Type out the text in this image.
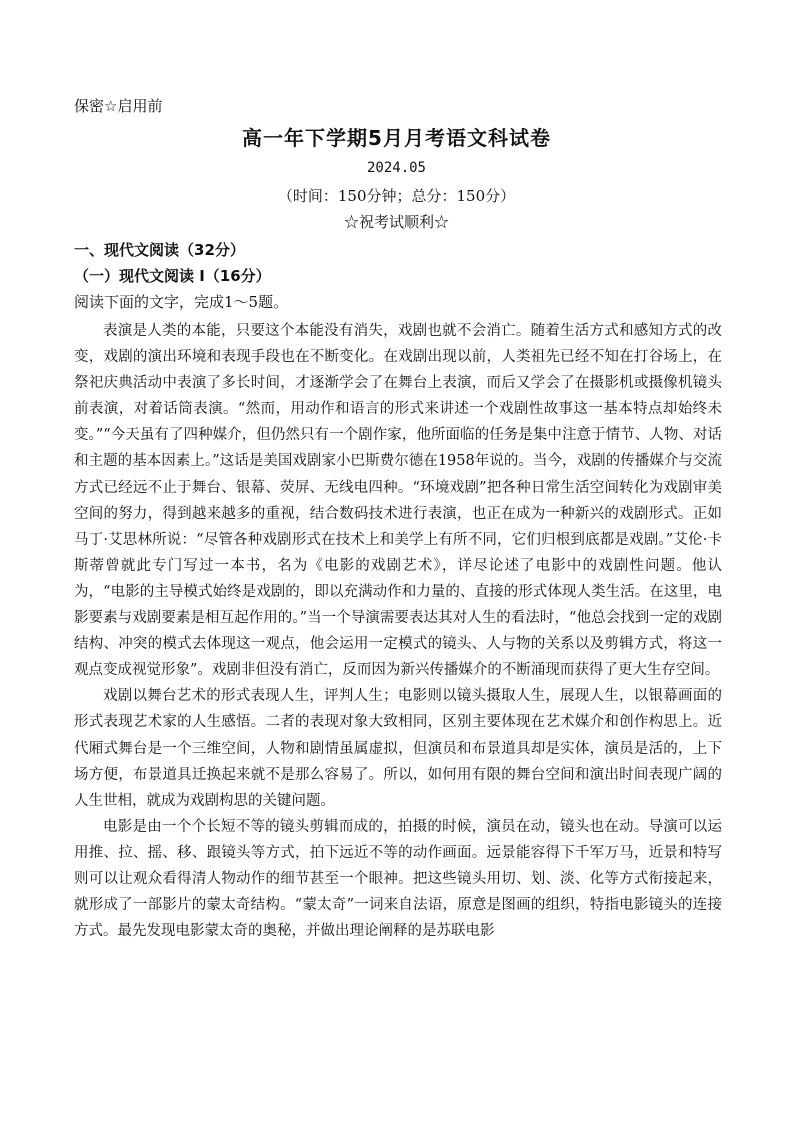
保密☆启用前
高一年下学期5月月考语文科试卷
2024.05
（时间：150分钟；总分：150分）
☆祝考试顺利☆
一、现代文阅读（32分）
（一）现代文阅读 I（16分）
阅读下面的文字，完成1～5题。

表演是人类的本能，只要这个本能没有消失，戏剧也就不会消亡。随着生活方式和感知方式的改变，戏剧的演出环境和表现手段也在不断变化。在戏剧出现以前，人类祖先已经不知在打谷场上，在祭祀庆典活动中表演了多长时间，才逐渐学会了在舞台上表演，而后又学会了在摄影机或摄像机镜头前表演，对着话筒表演。“然而，用动作和语言的形式来讲述一个戏剧性故事这一基本特点却始终未变。”“今天虽有了四种媒介，但仍然只有一个剧作家，他所面临的任务是集中注意于情节、人物、对话和主题的基本因素上。”这话是美国戏剧家小巴斯费尔德在1958年说的。当今，戏剧的传播媒介与交流方式已经远不止于舞台、银幕、荧屏、无线电四种。“环境戏剧”把各种日常生活空间转化为戏剧审美空间的努力，得到越来越多的重视，结合数码技术进行表演，也正在成为一种新兴的戏剧形式。正如马丁·艾思林所说：“尽管各种戏剧形式在技术上和美学上有所不同，它们归根到底都是戏剧。”艾伦·卡斯蒂曾就此专门写过一本书，名为《电影的戏剧艺术》，详尽论述了电影中的戏剧性问题。他认为，“电影的主导模式始终是戏剧的，即以充满动作和力量的、直接的形式体现人类生活。在这里，电影要素与戏剧要素是相互起作用的。”当一个导演需要表达其对人生的看法时，“他总会找到一定的戏剧结构、冲突的模式去体现这一观点，他会运用一定模式的镜头、人与物的关系以及剪辑方式，将这一观点变成视觉形象”。戏剧非但没有消亡，反而因为新兴传播媒介的不断涌现而获得了更大生存空间。

戏剧以舞台艺术的形式表现人生，评判人生；电影则以镜头摄取人生，展现人生，以银幕画面的形式表现艺术家的人生感悟。二者的表现对象大致相同，区别主要体现在艺术媒介和创作构思上。近代厢式舞台是一个三维空间，人物和剧情虽属虚拟，但演员和布景道具却是实体，演员是活的，上下场方便，布景道具迁换起来就不是那么容易了。所以，如何用有限的舞台空间和演出时间表现广阔的人生世相，就成为戏剧构思的关键问题。

电影是由一个个长短不等的镜头剪辑而成的，拍摄的时候，演员在动，镜头也在动。导演可以运用推、拉、摇、移、跟镜头等方式，拍下远近不等的动作画面。远景能容得下千军万马，近景和特写则可以让观众看得清人物动作的细节甚至一个眼神。把这些镜头用切、划、淡、化等方式衔接起来，就形成了一部影片的蒙太奇结构。“蒙太奇”一词来自法语，原意是图画的组织，特指电影镜头的连接方式。最先发现电影蒙太奇的奥秘，并做出理论阐释的是苏联电影
